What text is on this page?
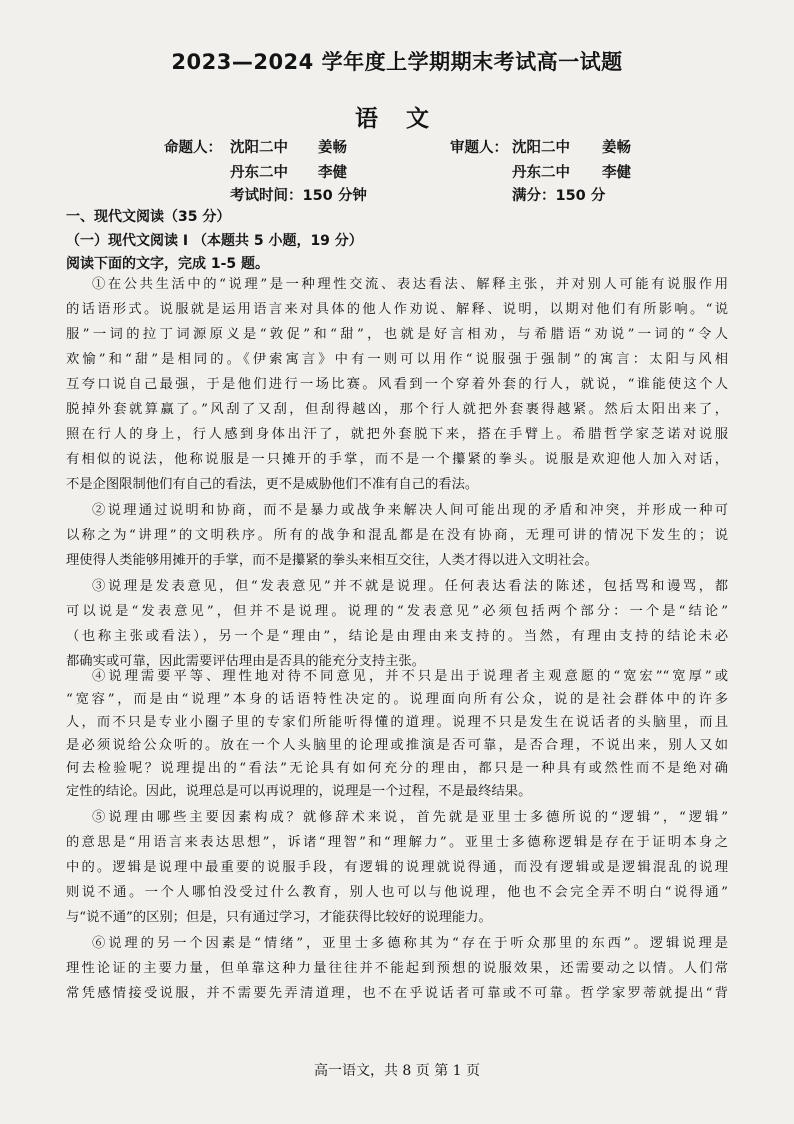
2023—2024 学年度上学期期末考试高一试题
语 文
命题人： 沈阳二中 姜畅
丹东二中 李健
审题人： 沈阳二中 姜畅
丹东二中 李健
考试时间：150 分钟	满分：150 分
一、现代文阅读（35 分）
（一）现代文阅读 I （本题共 5 小题，19 分）
阅读下面的文字，完成 1-5 题。
①在公共生活中的“说理”是一种理性交流、表达看法、解释主张，并对别人可能有说服作用
的话语形式。说服就是运用语言来对具体的他人作劝说、解释、说明，以期对他们有所影响。“说
服”一词的拉丁词源原义是“敦促”和“甜”，也就是好言相劝，与希腊语“劝说”一词的“令人
欢愉”和“甜”是相同的。《伊索寓言》中有一则可以用作“说服强于强制”的寓言：太阳与风相
互夸口说自己最强，于是他们进行一场比赛。风看到一个穿着外套的行人，就说，“谁能使这个人
脱掉外套就算赢了。”风刮了又刮，但刮得越凶，那个行人就把外套裹得越紧。然后太阳出来了，
照在行人的身上，行人感到身体出汗了，就把外套脱下来，搭在手臂上。希腊哲学家芝诺对说服
有相似的说法，他称说服是一只摊开的手掌，而不是一个攥紧的拳头。说服是欢迎他人加入对话，
不是企图限制他们有自己的看法，更不是威胁他们不准有自己的看法。
②说理通过说明和协商，而不是暴力或战争来解决人间可能出现的矛盾和冲突，并形成一种可
以称之为“讲理”的文明秩序。所有的战争和混乱都是在没有协商，无理可讲的情况下发生的；说
理使得人类能够用摊开的手掌，而不是攥紧的拳头来相互交往，人类才得以进入文明社会。
③说理是发表意见，但“发表意见”并不就是说理。任何表达看法的陈述，包括骂和谩骂，都
可以说是“发表意见”，但并不是说理。说理的“发表意见”必须包括两个部分：一个是“结论”
（也称主张或看法），另一个是“理由”，结论是由理由来支持的。当然，有理由支持的结论未必
都确实或可靠，因此需要评估理由是否具的能充分支持主张。
④说理需要平等、理性地对待不同意见，并不只是出于说理者主观意愿的“宽宏”“宽厚”或
“宽容”，而是由“说理”本身的话语特性决定的。说理面向所有公众，说的是社会群体中的许多
人，而不只是专业小圈子里的专家们所能听得懂的道理。说理不只是发生在说话者的头脑里，而且
是必须说给公众听的。放在一个人头脑里的论理或推演是否可靠，是否合理，不说出来，别人又如
何去检验呢？说理提出的“看法”无论具有如何充分的理由，都只是一种具有或然性而不是绝对确
定性的结论。因此，说理总是可以再说理的，说理是一个过程，不是最终结果。
⑤说理由哪些主要因素构成？就修辞术来说，首先就是亚里士多德所说的“逻辑”，“逻辑”
的意思是“用语言来表达思想”，诉诸“理智”和“理解力”。亚里士多德称逻辑是存在于证明本身之
中的。逻辑是说理中最重要的说服手段，有逻辑的说理就说得通，而没有逻辑或是逻辑混乱的说理
则说不通。一个人哪怕没受过什么教育，别人也可以与他说理，他也不会完全弄不明白“说得通”
与“说不通”的区别；但是，只有通过学习，才能获得比较好的说理能力。
⑥说理的另一个因素是“情绪”，亚里士多德称其为“存在于听众那里的东西”。逻辑说理是
理性论证的主要力量，但单靠这种力量往往并不能起到预想的说服效果，还需要动之以情。人们常
常凭感情接受说服，并不需要先弄清道理，也不在乎说话者可靠或不可靠。哲学家罗蒂就提出“背
高一语文，共 8 页 第 1 页
